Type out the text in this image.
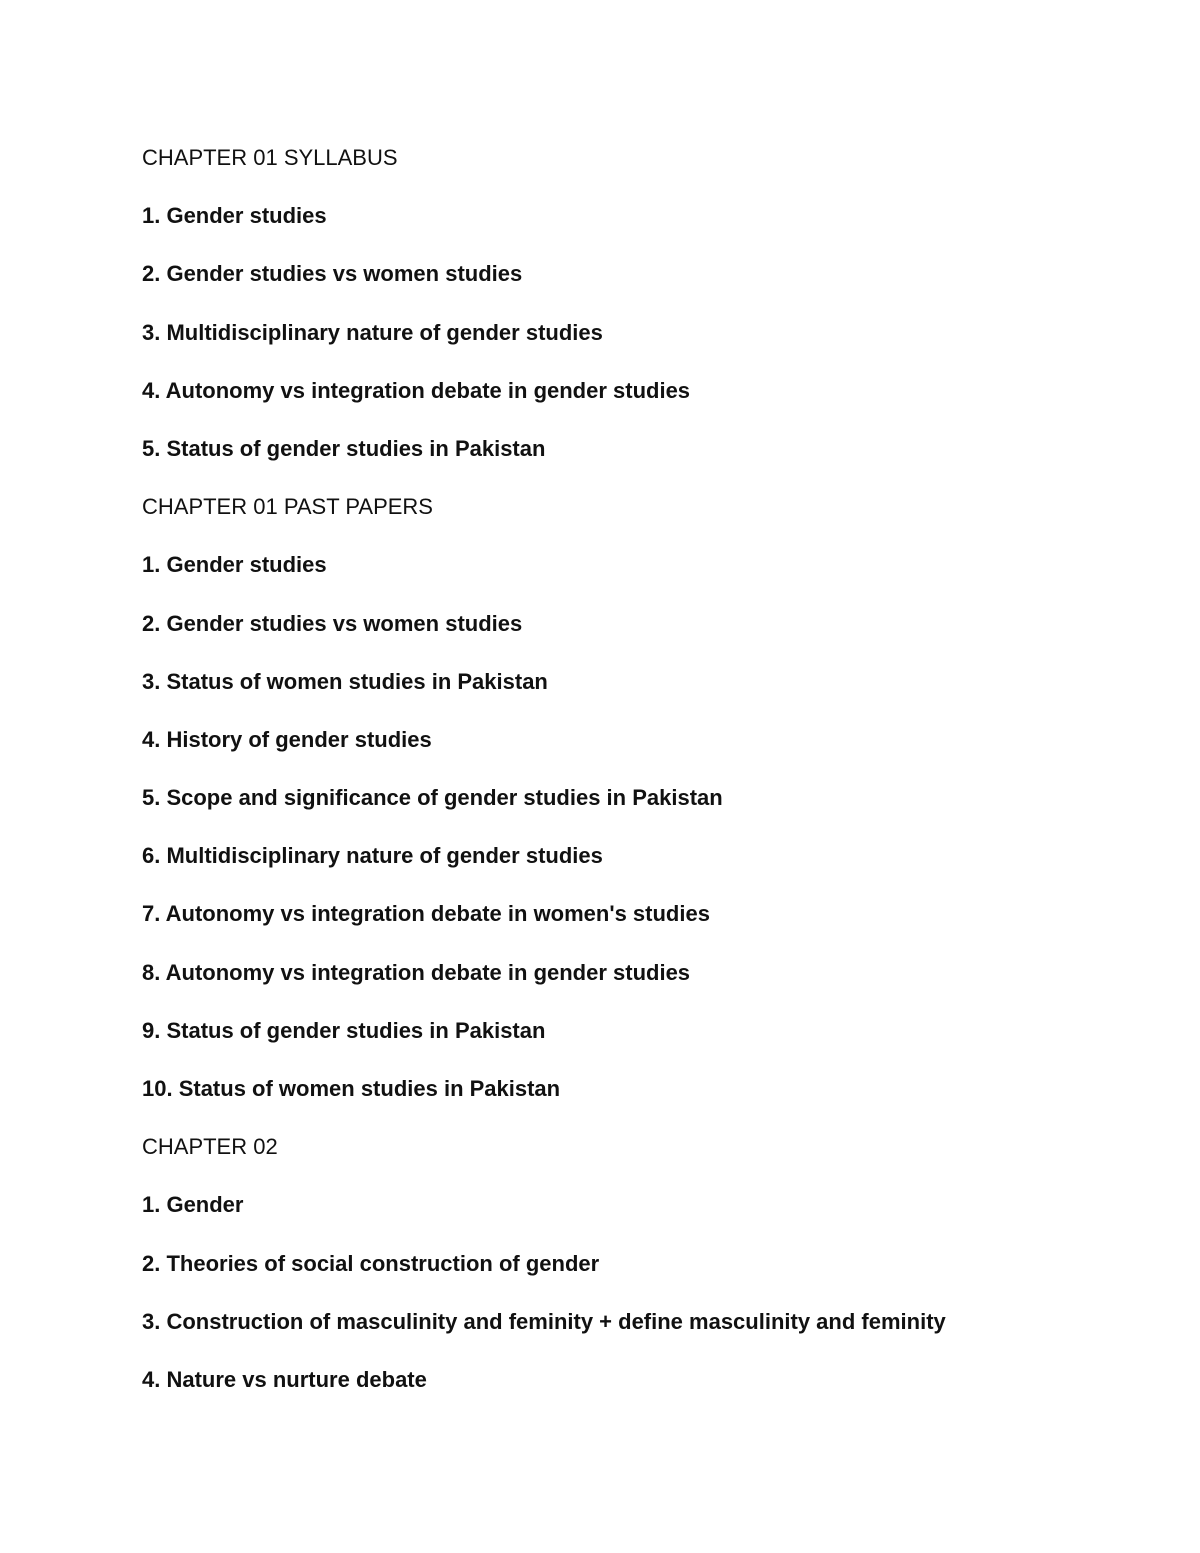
CHAPTER 01 SYLLABUS
1. Gender studies
2. Gender studies vs women studies
3. Multidisciplinary nature of gender studies
4. Autonomy vs integration debate in gender studies
5. Status of gender studies in Pakistan
CHAPTER 01 PAST PAPERS
1. Gender studies
2. Gender studies vs women studies
3. Status of women studies in Pakistan
4. History of gender studies
5. Scope and significance of gender studies in Pakistan
6. Multidisciplinary nature of gender studies
7. Autonomy vs integration debate in women's studies
8. Autonomy vs integration debate in gender studies
9. Status of gender studies in Pakistan
10. Status of women studies in Pakistan
CHAPTER 02
1. Gender
2. Theories of social construction of gender
3. Construction of masculinity and feminity + define masculinity and feminity
4. Nature vs nurture debate
